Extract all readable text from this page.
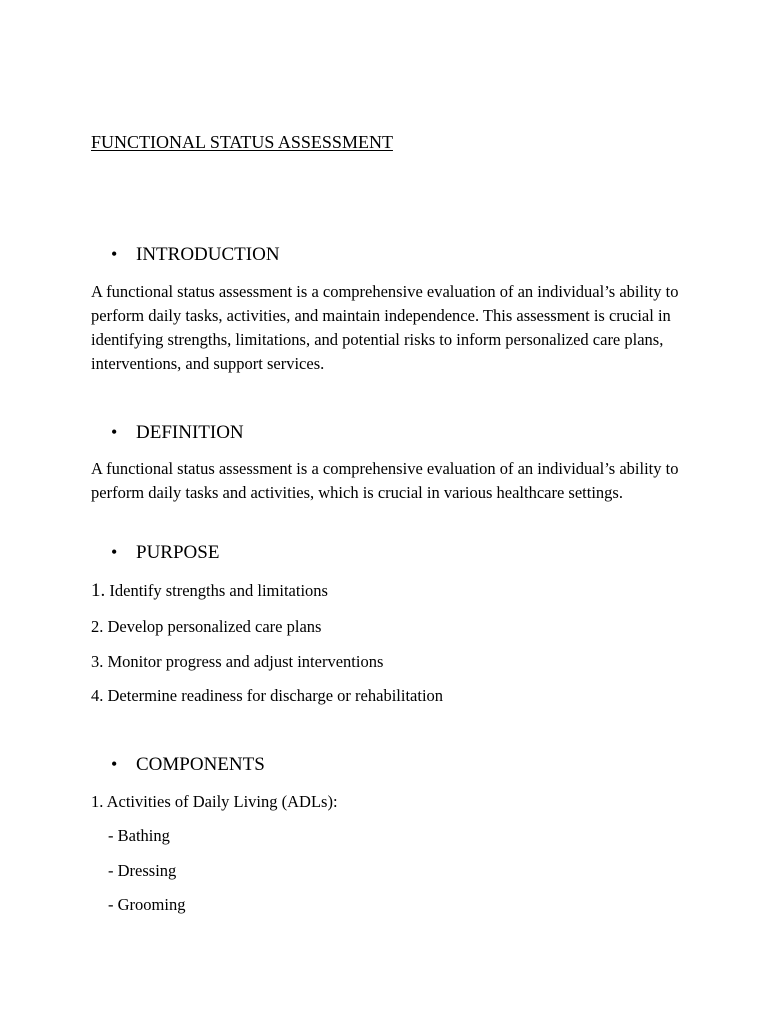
FUNCTIONAL STATUS ASSESSMENT
• INTRODUCTION
A functional status assessment is a comprehensive evaluation of an individual’s ability to perform daily tasks, activities, and maintain independence. This assessment is crucial in identifying strengths, limitations, and potential risks to inform personalized care plans, interventions, and support services.
• DEFINITION
A functional status assessment is a comprehensive evaluation of an individual’s ability to perform daily tasks and activities, which is crucial in various healthcare settings.
• PURPOSE
1. Identify strengths and limitations
2. Develop personalized care plans
3. Monitor progress and adjust interventions
4. Determine readiness for discharge or rehabilitation
• COMPONENTS
1. Activities of Daily Living (ADLs):
- Bathing
- Dressing
- Grooming
